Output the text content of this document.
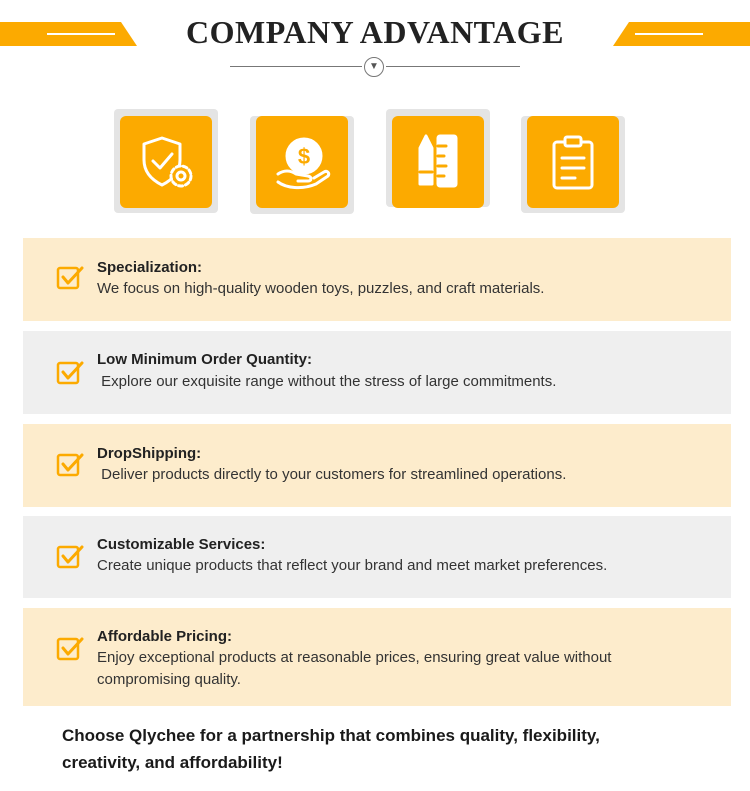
COMPANY ADVANTAGE
▼
$
Specialization:
We focus on high-quality wooden toys, puzzles, and craft materials.
Low Minimum Order Quantity:
Explore our exquisite range without the stress of large commitments.
DropShipping:
Deliver products directly to your customers for streamlined operations.
Customizable Services:
Create unique products that reflect your brand and meet market preferences.
Affordable Pricing:
Enjoy exceptional products at reasonable prices, ensuring great value without compromising quality.
Choose Qlychee for a partnership that combines quality, flexibility, creativity, and affordability!
